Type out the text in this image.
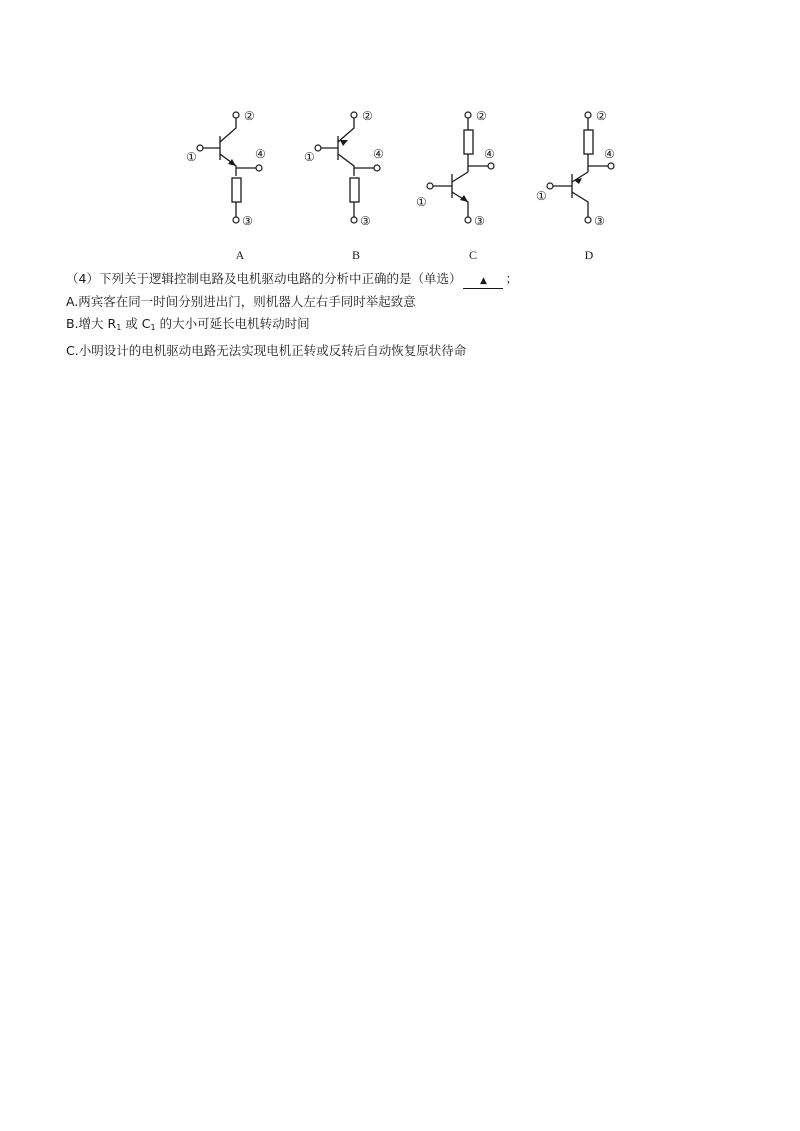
①
②
④
③
①
②
④
③
①
②
④
③
①
②
④
③
A	B	C	D
（4）下列关于逻辑控制电路及电机驱动电路的分析中正确的是（单选） ▲ ；
A.两宾客在同一时间分别进出门，则机器人左右手同时举起致意
B.增大 $R_1$ 或 $C_1$ 的大小可延长电机转动时间
C.小明设计的电机驱动电路无法实现电机正转或反转后自动恢复原状待命
